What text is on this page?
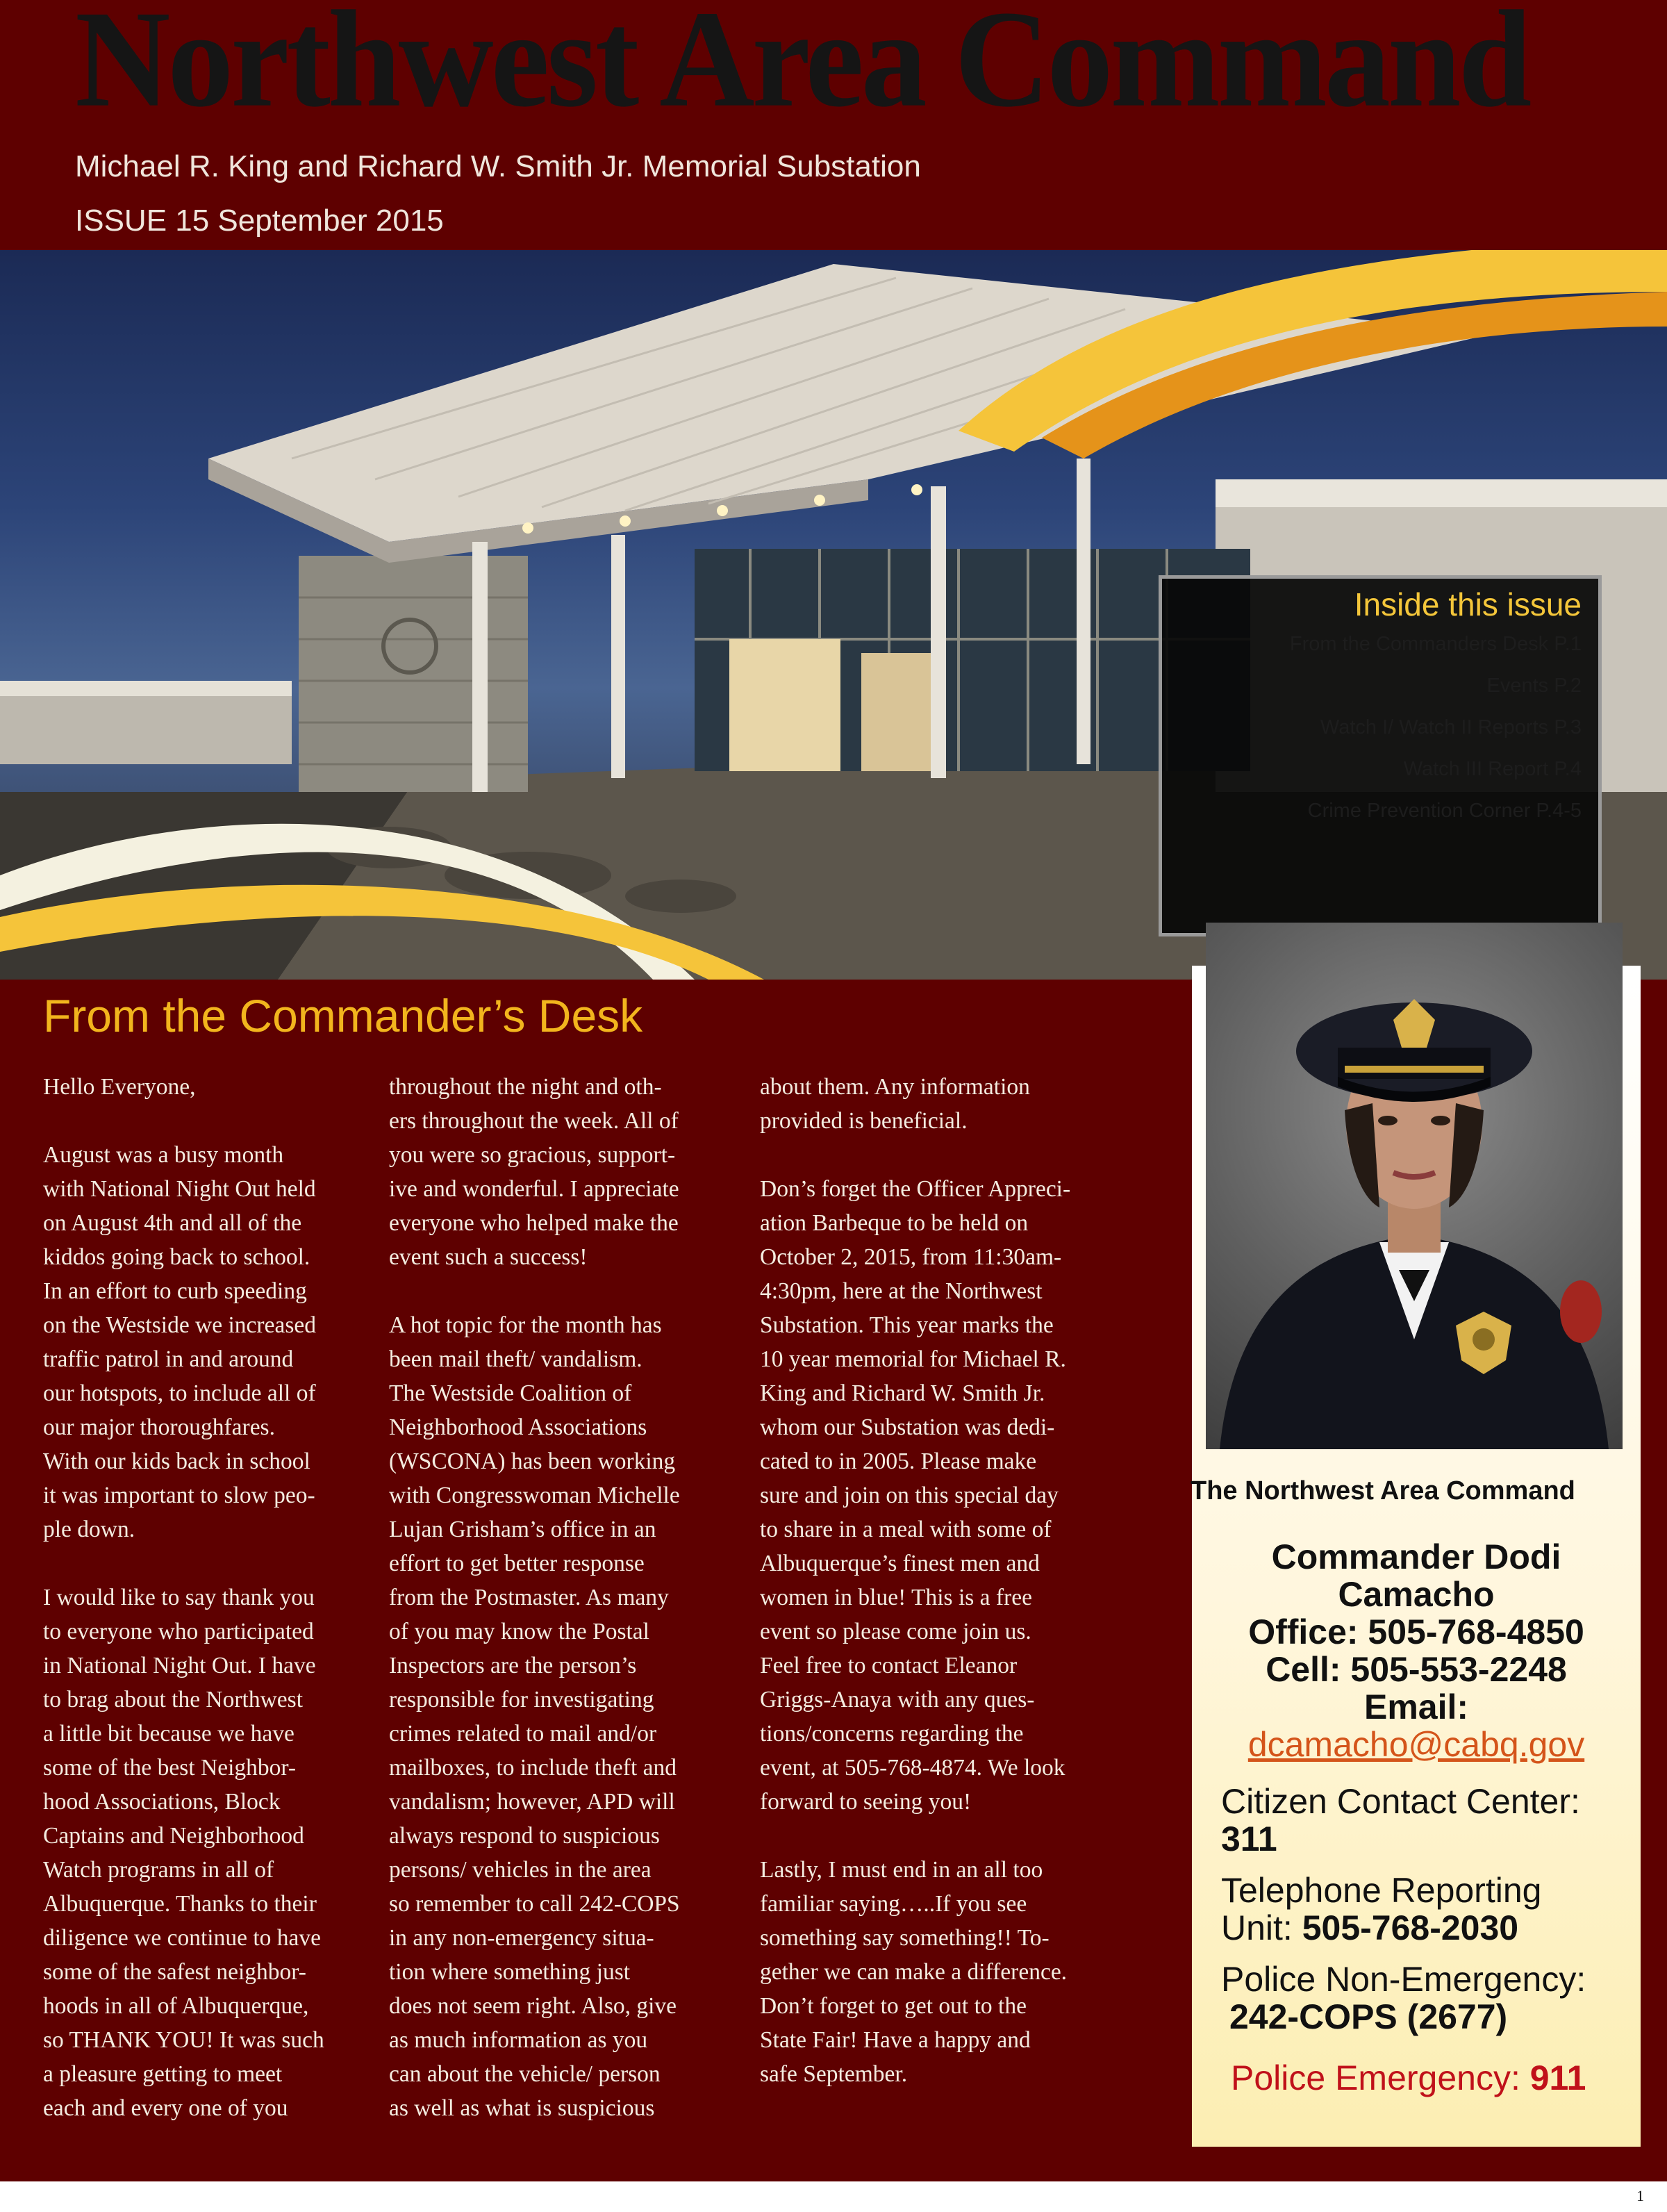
Northwest Area Command
Michael R. King and Richard W. Smith Jr. Memorial Substation
ISSUE 15 September 2015
Inside this issue
From the Commanders Desk P.1
Events P.2
Watch I/ Watch II Reports P.3
Watch III Report P.4
Crime Prevention Corner P.4-5
From the Commander’s Desk

Hello Everyone,

August was a busy month
with National Night Out held
on August 4th and all of the
kiddos going back to school.
In an effort to curb speeding
on the Westside we increased
traffic patrol in and around
our hotspots, to include all of
our major thoroughfares.
With our kids back in school
it was important to slow peo-
ple down.

I would like to say thank you
to everyone who participated
in National Night Out. I have
to brag about the Northwest
a little bit because we have
some of the best Neighbor-
hood Associations, Block
Captains and Neighborhood
Watch programs in all of
Albuquerque. Thanks to their
diligence we continue to have
some of the safest neighbor-
hoods in all of Albuquerque,
so THANK YOU! It was such
a pleasure getting to meet
each and every one of you

throughout the night and oth-
ers throughout the week. All of
you were so gracious, support-
ive and wonderful. I appreciate
everyone who helped make the
event such a success!

A hot topic for the month has
been mail theft/ vandalism.
The Westside Coalition of
Neighborhood Associations
(WSCONA) has been working
with Congresswoman Michelle
Lujan Grisham’s office in an
effort to get better response
from the Postmaster. As many
of you may know the Postal
Inspectors are the person’s
responsible for investigating
crimes related to mail and/or
mailboxes, to include theft and
vandalism; however, APD will
always respond to suspicious
persons/ vehicles in the area
so remember to call 242-COPS
in any non-emergency situa-
tion where something just
does not seem right. Also, give
as much information as you
can about the vehicle/ person
as well as what is suspicious

about them. Any information
provided is beneficial.

Don’s forget the Officer Appreci-
ation Barbeque to be held on
October 2, 2015, from 11:30am-
4:30pm, here at the Northwest
Substation. This year marks the
10 year memorial for Michael R.
King and Richard W. Smith Jr.
whom our Substation was dedi-
cated to in 2005. Please make
sure and join on this special day
to share in a meal with some of
Albuquerque’s finest men and
women in blue! This is a free
event so please come join us.
Feel free to contact Eleanor
Griggs-Anaya with any ques-
tions/concerns regarding the
event, at 505-768-4874. We look
forward to seeing you!

Lastly, I must end in an all too
familiar saying…..If you see
something say something!! To-
gether we can make a difference.
Don’t forget to get out to the
State Fair! Have a happy and
safe September.

The Northwest Area Command
Commander Dodi
Camacho
Office: 505-768-4850
Cell: 505-553-2248
Email:
dcamacho@cabq.gov
Citizen Contact Center:
311
Telephone Reporting
Unit: 505-768-2030
Police Non-Emergency:
242-COPS (2677)
Police Emergency: 911
1
